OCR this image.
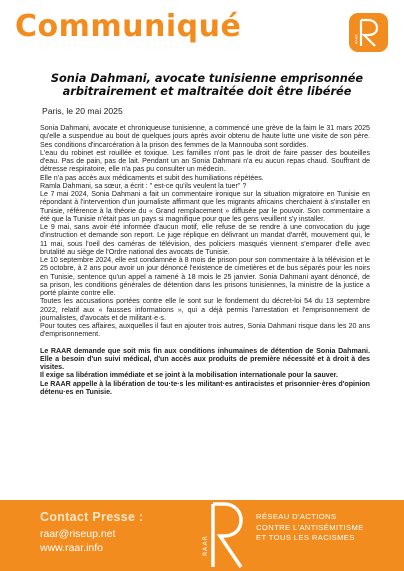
Communiqué	RAAR
Sonia Dahmani, avocate tunisienne emprisonnée arbitrairement et maltraitée doit être libérée
Paris, le 20 mai 2025

Sonia Dahmani, avocate et chroniqueuse tunisienne, a commencé une grève de la faim le 31 mars 2025 qu'elle a suspendue au bout de quelques jours après avoir obtenu de haute lutte une visite de son père. Ses conditions d'incarcération à la prison des femmes de la Mannouba sont sordides.

L'eau du robinet est rouillée et toxique. Les familles n'ont pas le droit de faire passer des bouteilles d'eau. Pas de pain, pas de lait. Pendant un an Sonia Dahmani n'a eu aucun repas chaud. Souffrant de détresse respiratoire, elle n'a pas pu consulter un médecin.

Elle n'a pas accès aux médicaments et subit des humiliations répétées.

Ramla Dahmani, sa sœur, a écrit : " est-ce qu'ils veulent la tuer" ?

Le 7 mai 2024, Sonia Dahmani a fait un commentaire ironique sur la situation migratoire en Tunisie en répondant à l'intervention d'un journaliste affirmant que les migrants africains cherchaient à s'installer en Tunisie, référence à la théorie du « Grand remplacement » diffusée par le pouvoir. Son commentaire a été que la Tunisie n'était pas un pays si magnifique pour que les gens veuillent s'y installer.

Le 9 mai, sans avoir été informée d'aucun motif, elle refuse de se rendre à une convocation du juge d'instruction et demande son report. Le juge réplique en délivrant un mandat d'arrêt, mouvement qui, le 11 mai, sous l'oeil des caméras de télévision, des policiers masqués viennent s'emparer d'elle avec brutalité au siège de l'Ordre national des avocats de Tunisie.

Le 10 septembre 2024, elle est condamnée à 8 mois de prison pour son commentaire à la télévision et le 25 octobre, à 2 ans pour avoir un jour dénoncé l'existence de cimetières et de bus séparés pour les noirs en Tunisie, sentence qu'un appel a ramené à 18 mois le 25 janvier. Sonia Dahmani ayant dénoncé, de sa prison, les conditions générales de détention dans les prisons tunisiennes, la ministre de la justice a porté plainte contre elle.

Toutes les accusations portées contre elle le sont sur le fondement du décret-loi 54 du 13 septembre 2022, relatif aux « fausses informations », qui a déjà permis l'arrestation et l'emprisonnement de journalistes, d'avocats et de militant·e·s.

Pour toutes ces affaires, auxquelles il faut en ajouter trois autres, Sonia Dahmani risque dans les 20 ans d'emprisonnement.

Le RAAR demande que soit mis fin aux conditions inhumaines de détention de Sonia Dahmani. Elle a besoin d'un suivi médical, d'un accès aux produits de première nécessité et à droit à des visites.

Il exige sa libération immédiate et se joint à la mobilisation internationale pour la sauver.

Le RAAR appelle à la libération de tou·te·s les militant·es antiracistes et prisonnier·ères d'opinion détenu·es en Tunisie.

Contact Presse :
raar@riseup.net
www.raar.info	RAAR
RÉSEAU D'ACTIONS
CONTRE L'ANTISÉMITISME
ET TOUS LES RACISMES
